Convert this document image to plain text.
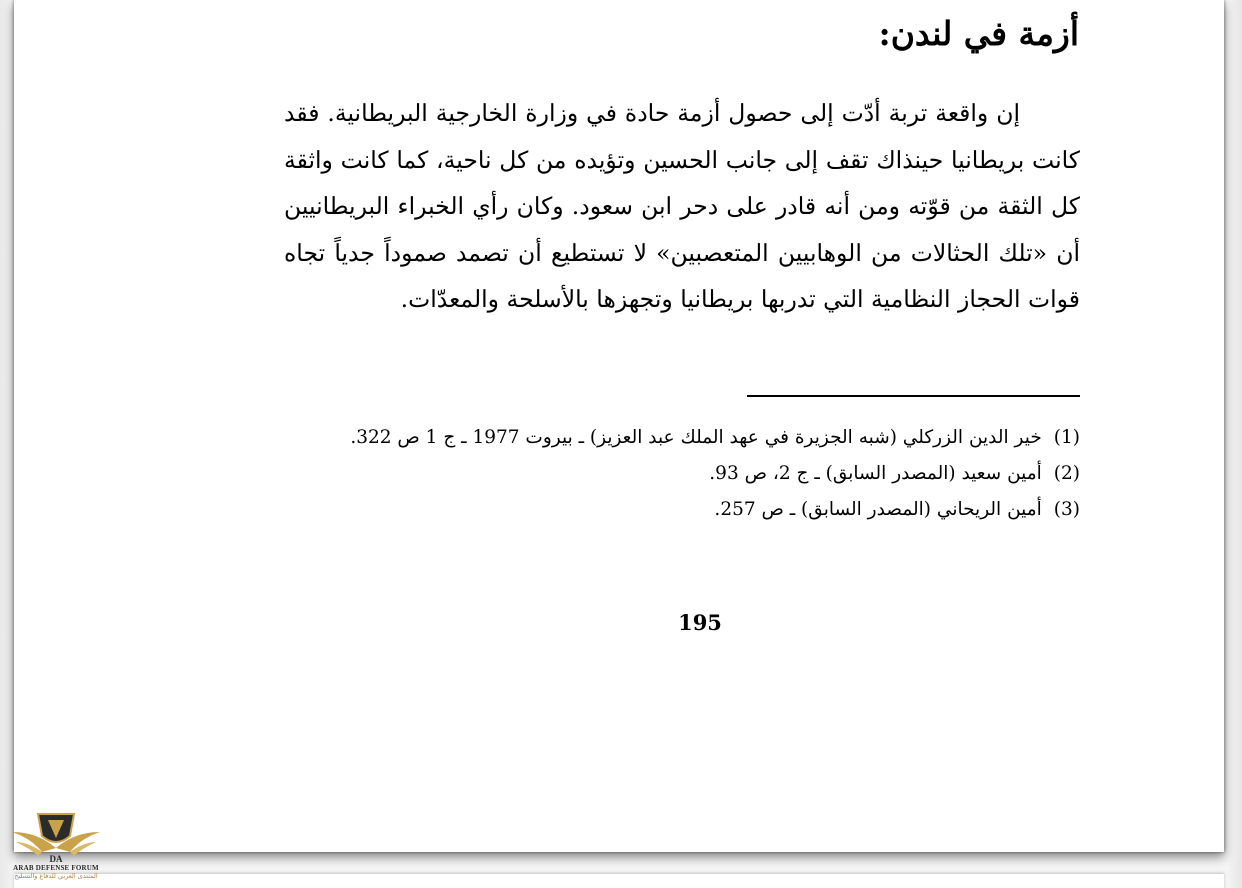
أزمة في لندن:

إن واقعة تربة أدّت إلى حصول أزمة حادة في وزارة الخارجية البريطانية. فقد كانت بريطانيا حينذاك تقف إلى جانب الحسين وتؤيده من كل ناحية، كما كانت واثقة كل الثقة من قوّته ومن أنه قادر على دحر ابن سعود. وكان رأي الخبراء البريطانيين أن «تلك الحثالات من الوهابيين المتعصبين» لا تستطيع أن تصمد صموداً جدياً تجاه قوات الحجاز النظامية التي تدربها بريطانيا وتجهزها بالأسلحة والمعدّات.

(1)خير الدين الزركلي (شبه الجزيرة في عهد الملك عبد العزيز) ـ بيروت 1977 ـ ج 1 ص 322.
(2)أمين سعيد (المصدر السابق) ـ ج 2، ص 93.
(3)أمين الريحاني (المصدر السابق) ـ ص 257.
195
DA
ARAB DEFENSE FORUM
المنتدى العربي للدفاع والتسليح
